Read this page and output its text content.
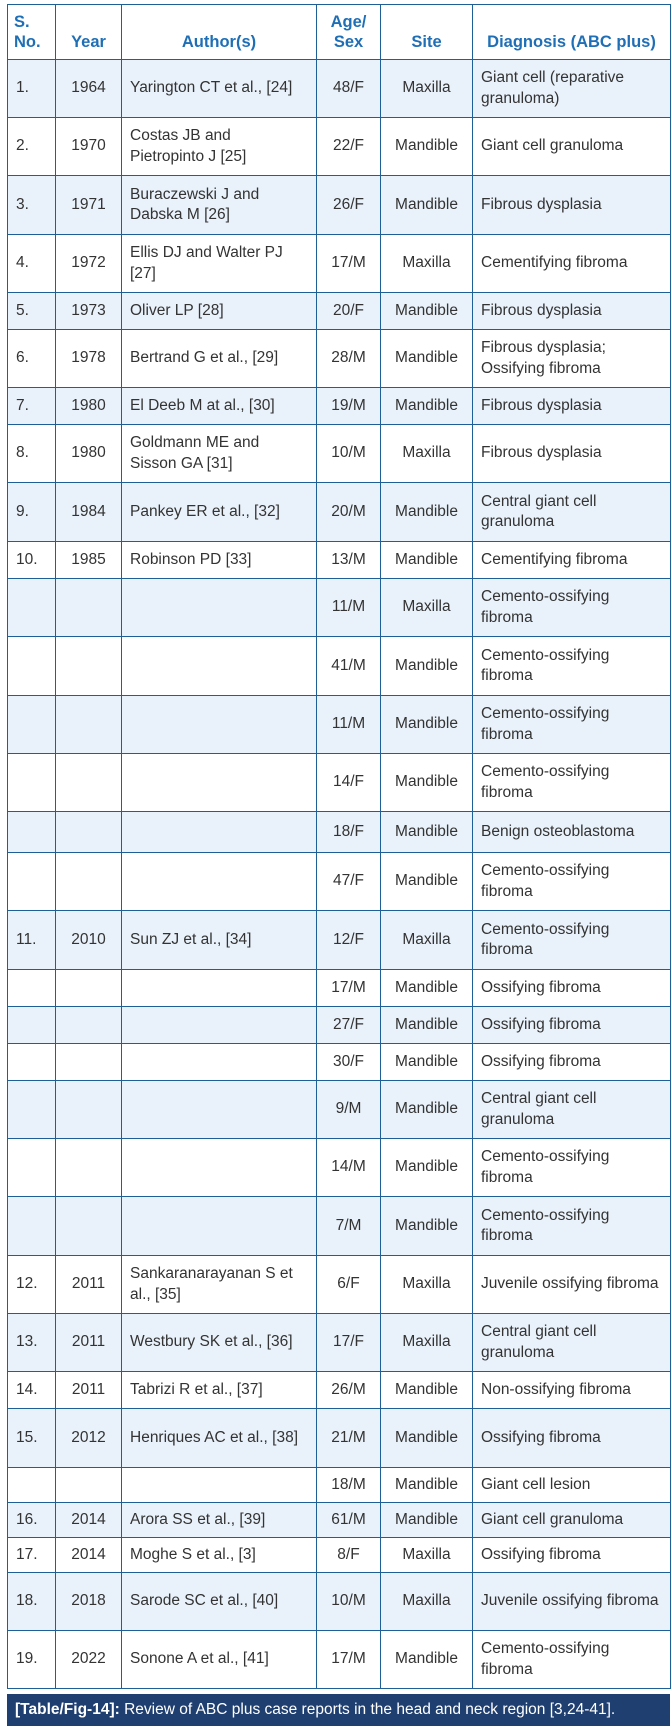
S. No.	Year	Author(s)	Age/ Sex	Site	Diagnosis (ABC plus)
1.	1964	Yarington CT et al., [24]	48/F	Maxilla	Giant cell (reparative granuloma)
2.	1970	Costas JB and Pietropinto J [25]	22/F	Mandible	Giant cell granuloma
3.	1971	Buraczewski J and Dabska M [26]	26/F	Mandible	Fibrous dysplasia
4.	1972	Ellis DJ and Walter PJ [27]	17/M	Maxilla	Cementifying fibroma
5.	1973	Oliver LP [28]	20/F	Mandible	Fibrous dysplasia
6.	1978	Bertrand G et al., [29]	28/M	Mandible	Fibrous dysplasia; Ossifying fibroma
7.	1980	El Deeb M at al., [30]	19/M	Mandible	Fibrous dysplasia
8.	1980	Goldmann ME and Sisson GA [31]	10/M	Maxilla	Fibrous dysplasia
9.	1984	Pankey ER et al., [32]	20/M	Mandible	Central giant cell granuloma
10.	1985	Robinson PD [33]	13/M	Mandible	Cementifying fibroma
			11/M	Maxilla	Cemento-ossifying fibroma
			41/M	Mandible	Cemento-ossifying fibroma
			11/M	Mandible	Cemento-ossifying fibroma
			14/F	Mandible	Cemento-ossifying fibroma
			18/F	Mandible	Benign osteoblastoma
			47/F	Mandible	Cemento-ossifying fibroma
11.	2010	Sun ZJ et al., [34]	12/F	Maxilla	Cemento-ossifying fibroma
			17/M	Mandible	Ossifying fibroma
			27/F	Mandible	Ossifying fibroma
			30/F	Mandible	Ossifying fibroma
			9/M	Mandible	Central giant cell granuloma
			14/M	Mandible	Cemento-ossifying fibroma
			7/M	Mandible	Cemento-ossifying fibroma
12.	2011	Sankaranarayanan S et al., [35]	6/F	Maxilla	Juvenile ossifying fibroma
13.	2011	Westbury SK et al., [36]	17/F	Maxilla	Central giant cell granuloma
14.	2011	Tabrizi R et al., [37]	26/M	Mandible	Non-ossifying fibroma
15.	2012	Henriques AC et al., [38]	21/M	Mandible	Ossifying fibroma
			18/M	Mandible	Giant cell lesion
16.	2014	Arora SS et al., [39]	61/M	Mandible	Giant cell granuloma
17.	2014	Moghe S et al., [3]	8/F	Maxilla	Ossifying fibroma
18.	2018	Sarode SC et al., [40]	10/M	Maxilla	Juvenile ossifying fibroma
19.	2022	Sonone A et al., [41]	17/M	Mandible	Cemento-ossifying fibroma
[Table/Fig-14]: Review of ABC plus case reports in the head and neck region [3,24-41].
